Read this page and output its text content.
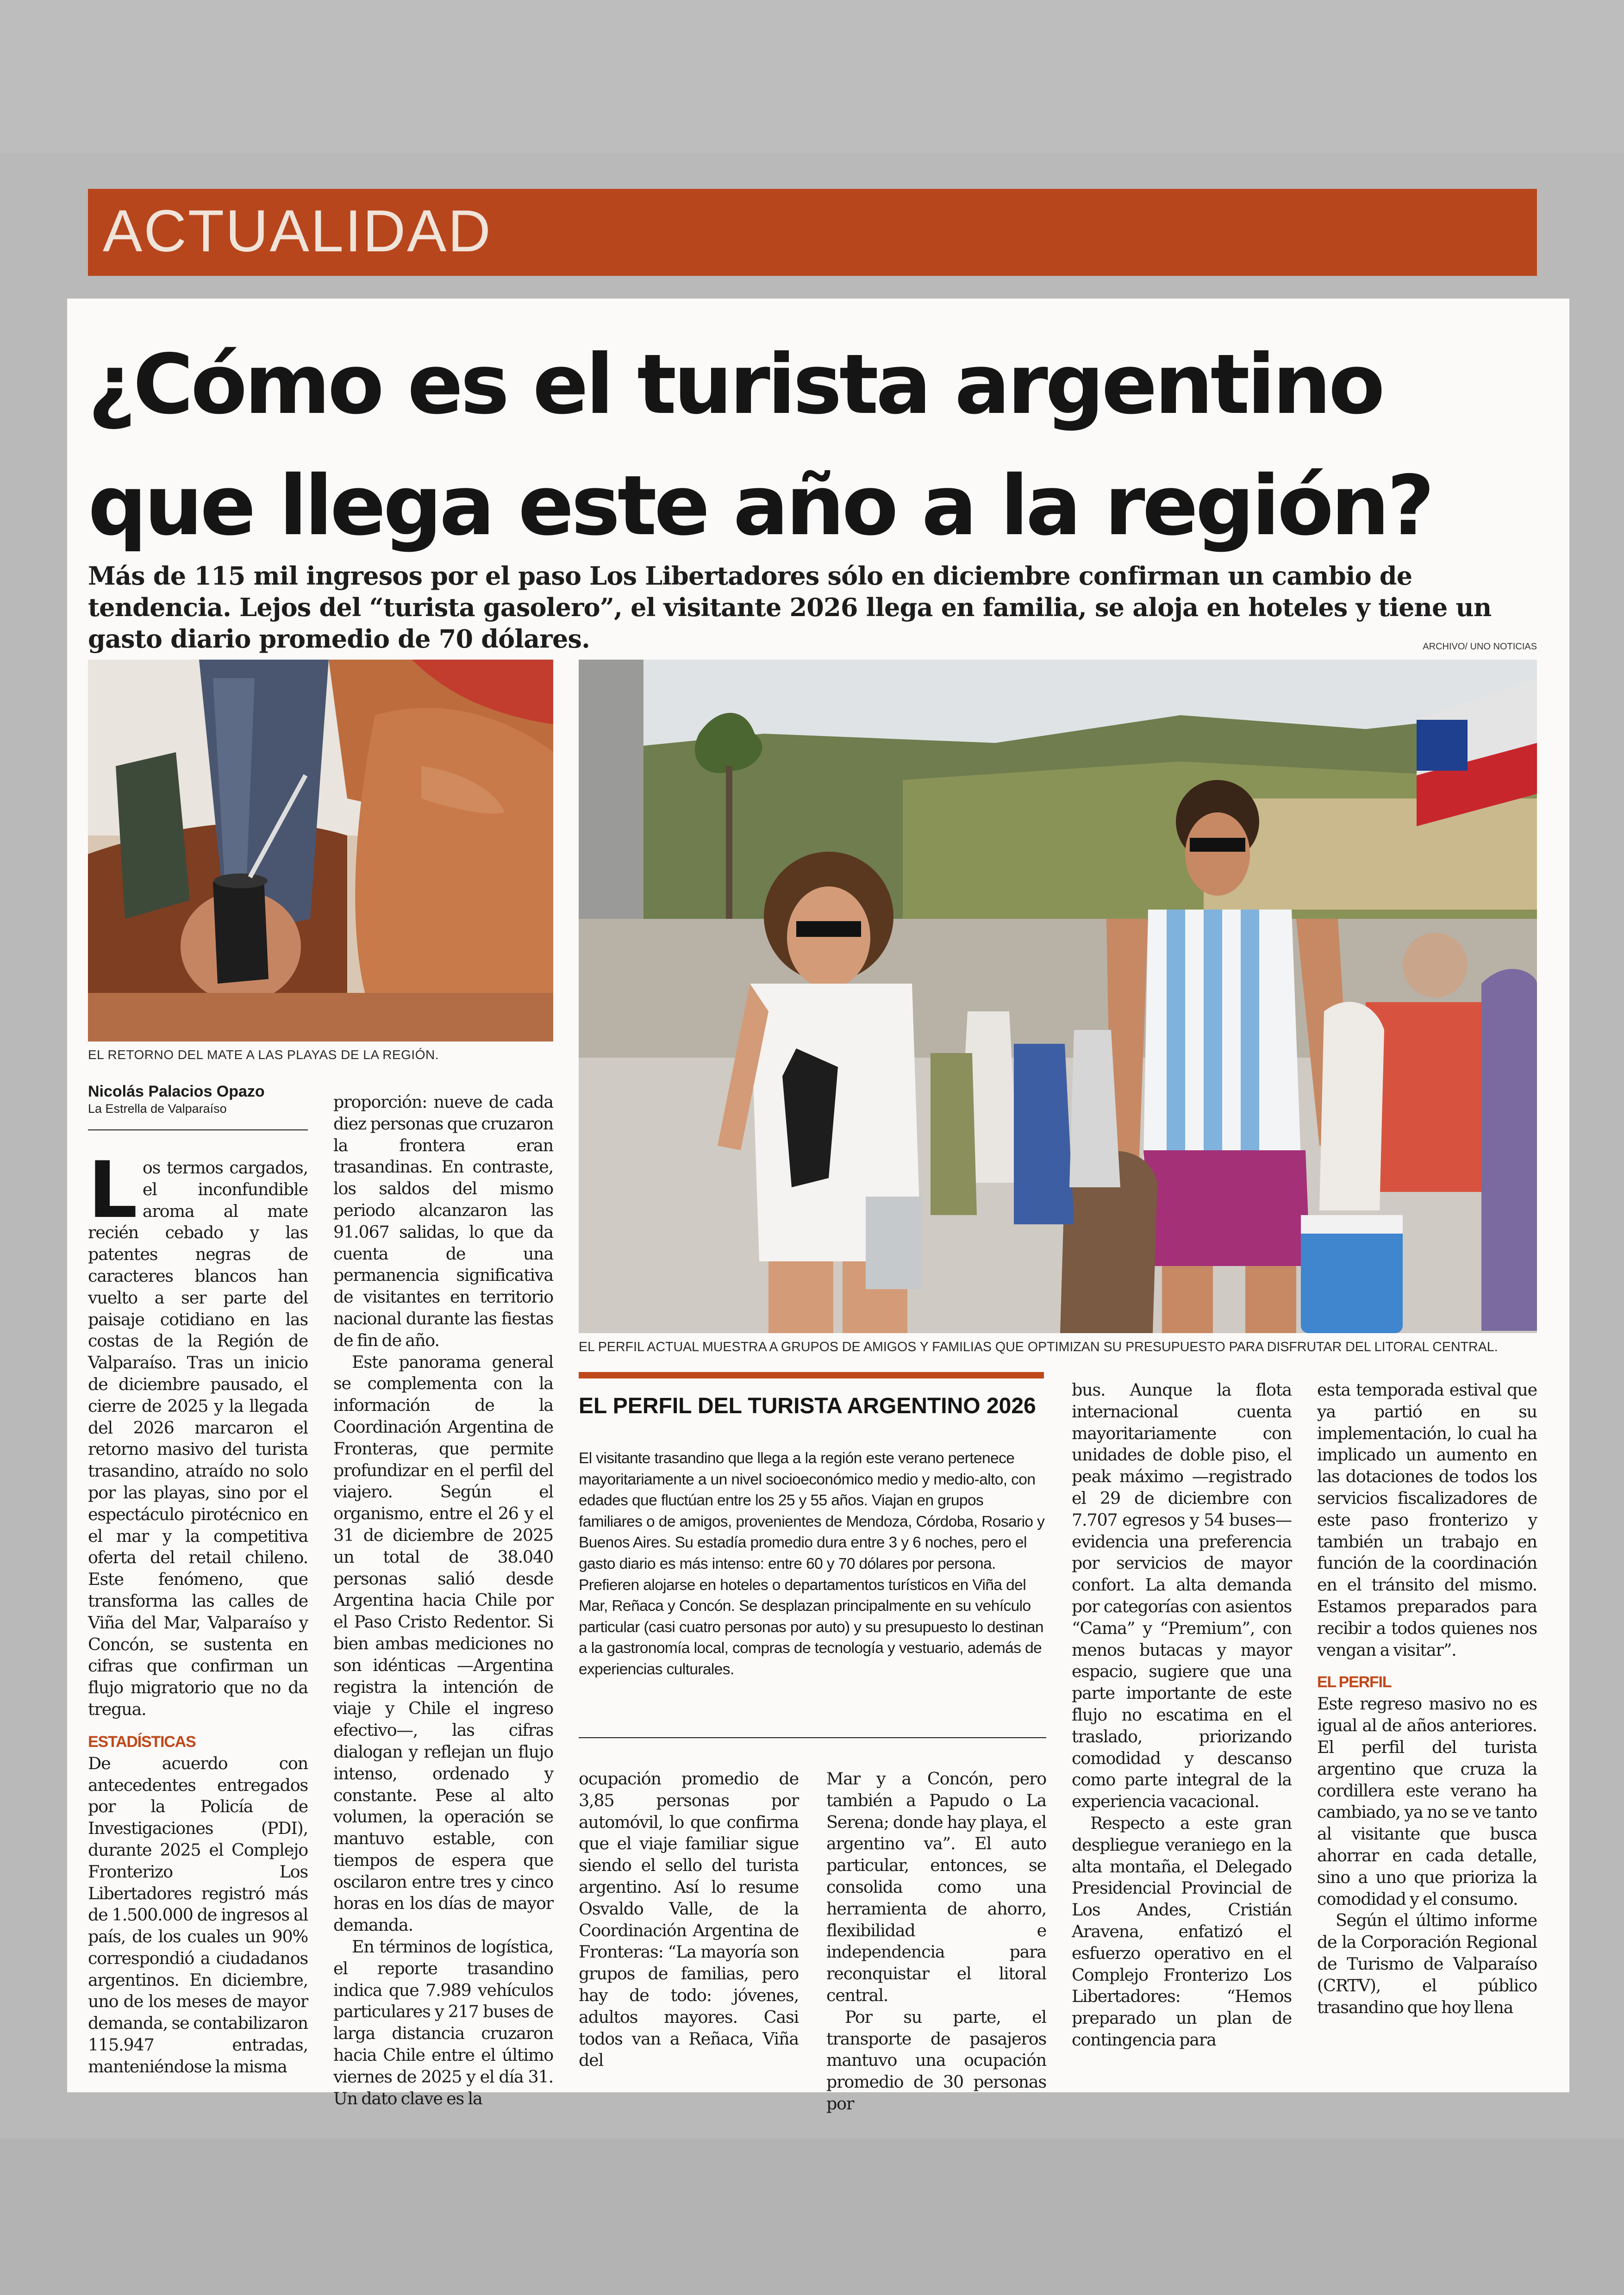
ACTUALIDAD
¿Cómo es el turista argentino
que llega este año a la región?
Más de 115 mil ingresos por el paso Los Libertadores sólo en diciembre confirman un cambio de tendencia. Lejos del “turista gasolero”, el visitante 2026 llega en familia, se aloja en hoteles y tiene un gasto diario promedio de 70 dólares.	ARCHIVO/ UNO NOTICIAS
EL RETORNO DEL MATE A LAS PLAYAS DE LA REGIÓN.
EL PERFIL ACTUAL MUESTRA A GRUPOS DE AMIGOS Y FAMILIAS QUE OPTIMIZAN SU PRESUPUESTO PARA DISFRUTAR DEL LITORAL CENTRAL.
Nicolás Palacios Opazo
La Estrella de Valparaíso

Los termos cargados, el inconfundible aroma al mate recién cebado y las patentes negras de caracteres blancos han vuelto a ser parte del paisaje cotidiano en las costas de la Región de Valparaíso. Tras un inicio de diciembre pausado, el cierre de 2025 y la llegada del 2026 marcaron el retorno masivo del turista trasandino, atraído no solo por las playas, sino por el espectáculo pirotécnico en el mar y la competitiva oferta del retail chileno. Este fenómeno, que transforma las calles de Viña del Mar, Valparaíso y Concón, se sustenta en cifras que confirman un flujo migratorio que no da tregua.

ESTADÍSTICAS

De acuerdo con antecedentes entregados por la Policía de Investigaciones (PDI), durante 2025 el Complejo Fronterizo Los Libertadores registró más de 1.500.000 de ingresos al país, de los cuales un 90% correspondió a ciudadanos argentinos. En diciembre, uno de los meses de mayor demanda, se contabilizaron 115.947 entradas, manteniéndose la misma

proporción: nueve de cada diez personas que cruzaron la frontera eran trasandinas. En contraste, los saldos del mismo periodo alcanzaron las 91.067 salidas, lo que da cuenta de una permanencia significativa de visitantes en territorio nacional durante las fiestas de fin de año.

Este panorama general se complementa con la información de la Coordinación Argentina de Fronteras, que permite profundizar en el perfil del viajero. Según el organismo, entre el 26 y el 31 de diciembre de 2025 un total de 38.040 personas salió desde Argentina hacia Chile por el Paso Cristo Redentor. Si bien ambas mediciones no son idénticas —Argentina registra la intención de viaje y Chile el ingreso efectivo—, las cifras dialogan y reflejan un flujo intenso, ordenado y constante. Pese al alto volumen, la operación se mantuvo estable, con tiempos de espera que oscilaron entre tres y cinco horas en los días de mayor demanda.

En términos de logística, el reporte trasandino indica que 7.989 vehículos particulares y 217 buses de larga distancia cruzaron hacia Chile entre el último viernes de 2025 y el día 31. Un dato clave es la

EL PERFIL DEL TURISTA ARGENTINO 2026
El visitante trasandino que llega a la región este verano pertenece mayoritariamente a un nivel socioeconómico medio y medio-alto, con edades que fluctúan entre los 25 y 55 años. Viajan en grupos familiares o de amigos, provenientes de Mendoza, Córdoba, Rosario y Buenos Aires. Su estadía promedio dura entre 3 y 6 noches, pero el gasto diario es más intenso: entre 60 y 70 dólares por persona. Prefieren alojarse en hoteles o departamentos turísticos en Viña del Mar, Reñaca y Concón. Se desplazan principalmente en su vehículo particular (casi cuatro personas por auto) y su presupuesto lo destinan a la gastronomía local, compras de tecnología y vestuario, además de experiencias culturales.

ocupación promedio de 3,85 personas por automóvil, lo que confirma que el viaje familiar sigue siendo el sello del turista argentino. Así lo resume Osvaldo Valle, de la Coordinación Argentina de Fronteras: “La mayoría son grupos de familias, pero hay de todo: jóvenes, adultos mayores. Casi todos van a Reñaca, Viña del

Mar y a Concón, pero también a Papudo o La Serena; donde hay playa, el argentino va”. El auto particular, entonces, se consolida como una herramienta de ahorro, flexibilidad e independencia para reconquistar el litoral central.

Por su parte, el transporte de pasajeros mantuvo una ocupación promedio de 30 personas por

bus. Aunque la flota internacional cuenta mayoritariamente con unidades de doble piso, el peak máximo —registrado el 29 de diciembre con 7.707 egresos y 54 buses— evidencia una preferencia por servicios de mayor confort. La alta demanda por categorías con asientos “Cama” y “Premium”, con menos butacas y mayor espacio, sugiere que una parte importante de este flujo no escatima en el traslado, priorizando comodidad y descanso como parte integral de la experiencia vacacional.

Respecto a este gran despliegue veraniego en la alta montaña, el Delegado Presidencial Provincial de Los Andes, Cristián Aravena, enfatizó el esfuerzo operativo en el Complejo Fronterizo Los Libertadores: “Hemos preparado un plan de contingencia para

esta temporada estival que ya partió en su implementación, lo cual ha implicado un aumento en las dotaciones de todos los servicios fiscalizadores de este paso fronterizo y también un trabajo en función de la coordinación en el tránsito del mismo. Estamos preparados para recibir a todos quienes nos vengan a visitar”.

EL PERFIL

Este regreso masivo no es igual al de años anteriores. El perfil del turista argentino que cruza la cordillera este verano ha cambiado, ya no se ve tanto al visitante que busca ahorrar en cada detalle, sino a uno que prioriza la comodidad y el consumo.

Según el último informe de la Corporación Regional de Turismo de Valparaíso (CRTV), el público trasandino que hoy llena
